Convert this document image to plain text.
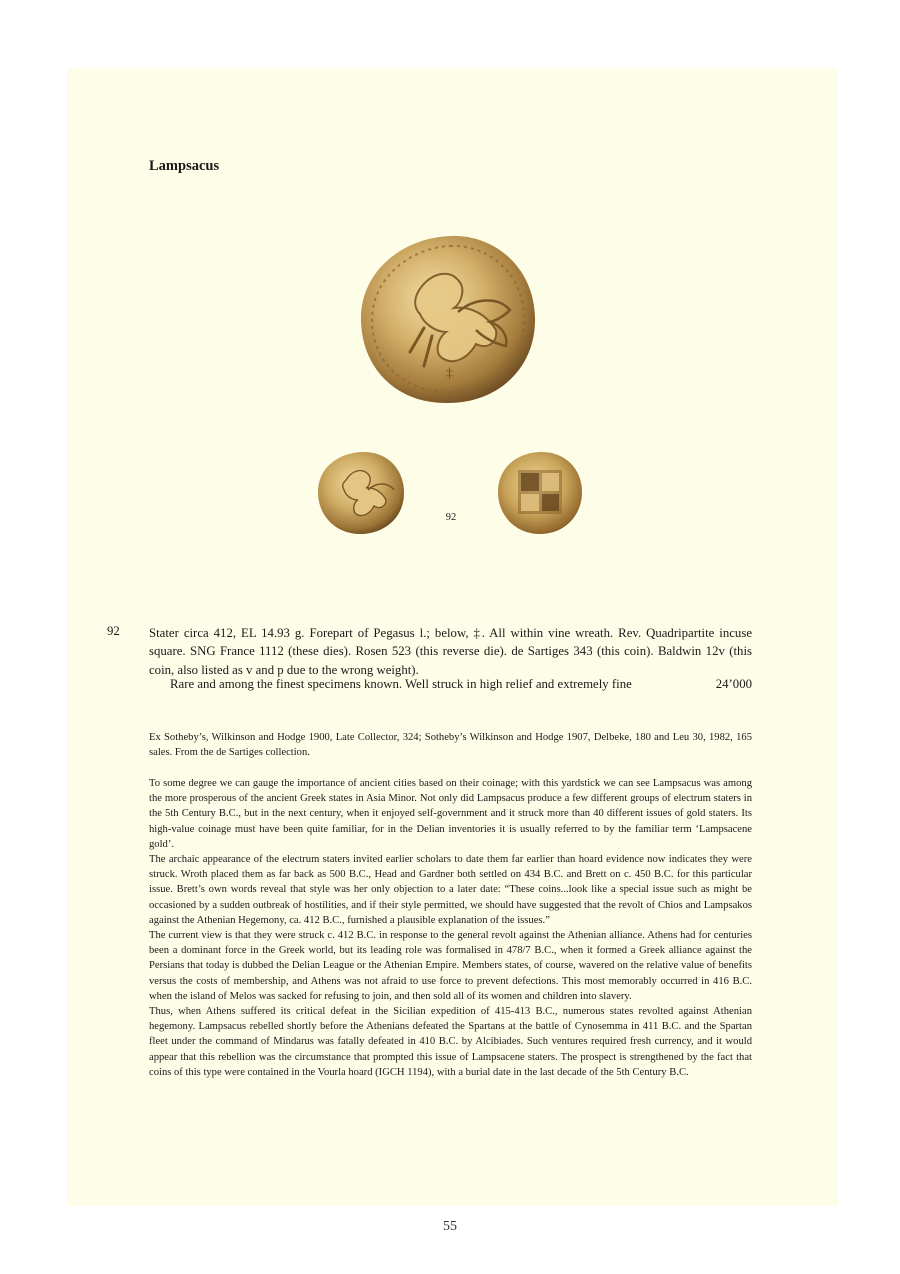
Lampsacus
‡
92
92 Stater circa 412, EL 14.93 g. Forepart of Pegasus l.; below, ‡. All within vine wreath. Rev. Quadripartite incuse square. SNG France 1112 (these dies). Rosen 523 (this reverse die). de Sartiges 343 (this coin). Baldwin 12v (this coin, also listed as v and p due to the wrong weight).

Rare and among the finest specimens known. Well struck in high relief and extremely fine	24’000

Ex Sotheby’s, Wilkinson and Hodge 1900, Late Collector, 324; Sotheby’s Wilkinson and Hodge 1907, Delbeke, 180 and Leu 30, 1982, 165 sales. From the de Sartiges collection.

To some degree we can gauge the importance of ancient cities based on their coinage; with this yardstick we can see Lampsacus was among the more prosperous of the ancient Greek states in Asia Minor. Not only did Lampsacus produce a few different groups of electrum staters in the 5th Century B.C., but in the next century, when it enjoyed self-government and it struck more than 40 different issues of gold staters. Its high-value coinage must have been quite familiar, for in the Delian inventories it is usually referred to by the familiar term ‘Lampsacene gold’.

The archaic appearance of the electrum staters invited earlier scholars to date them far earlier than hoard evidence now indicates they were struck. Wroth placed them as far back as 500 B.C., Head and Gardner both settled on 434 B.C. and Brett on c. 450 B.C. for this particular issue. Brett’s own words reveal that style was her only objection to a later date: “These coins...look like a special issue such as might be occasioned by a sudden outbreak of hostilities, and if their style permitted, we should have suggested that the revolt of Chios and Lampsakos against the Athenian Hegemony, ca. 412 B.C., furnished a plausible explanation of the issues.”

The current view is that they were struck c. 412 B.C. in response to the general revolt against the Athenian alliance. Athens had for centuries been a dominant force in the Greek world, but its leading role was formalised in 478/7 B.C., when it formed a Greek alliance against the Persians that today is dubbed the Delian League or the Athenian Empire. Members states, of course, wavered on the relative value of benefits versus the costs of membership, and Athens was not afraid to use force to prevent defections. This most memorably occurred in 416 B.C. when the island of Melos was sacked for refusing to join, and then sold all of its women and children into slavery.

Thus, when Athens suffered its critical defeat in the Sicilian expedition of 415-413 B.C., numerous states revolted against Athenian hegemony. Lampsacus rebelled shortly before the Athenians defeated the Spartans at the battle of Cynosemma in 411 B.C. and the Spartan fleet under the command of Mindarus was fatally defeated in 410 B.C. by Alcibiades. Such ventures required fresh currency, and it would appear that this rebellion was the circumstance that prompted this issue of Lampsacene staters. The prospect is strengthened by the fact that coins of this type were contained in the Vourla hoard (IGCH 1194), with a burial date in the last decade of the 5th Century B.C.

55
